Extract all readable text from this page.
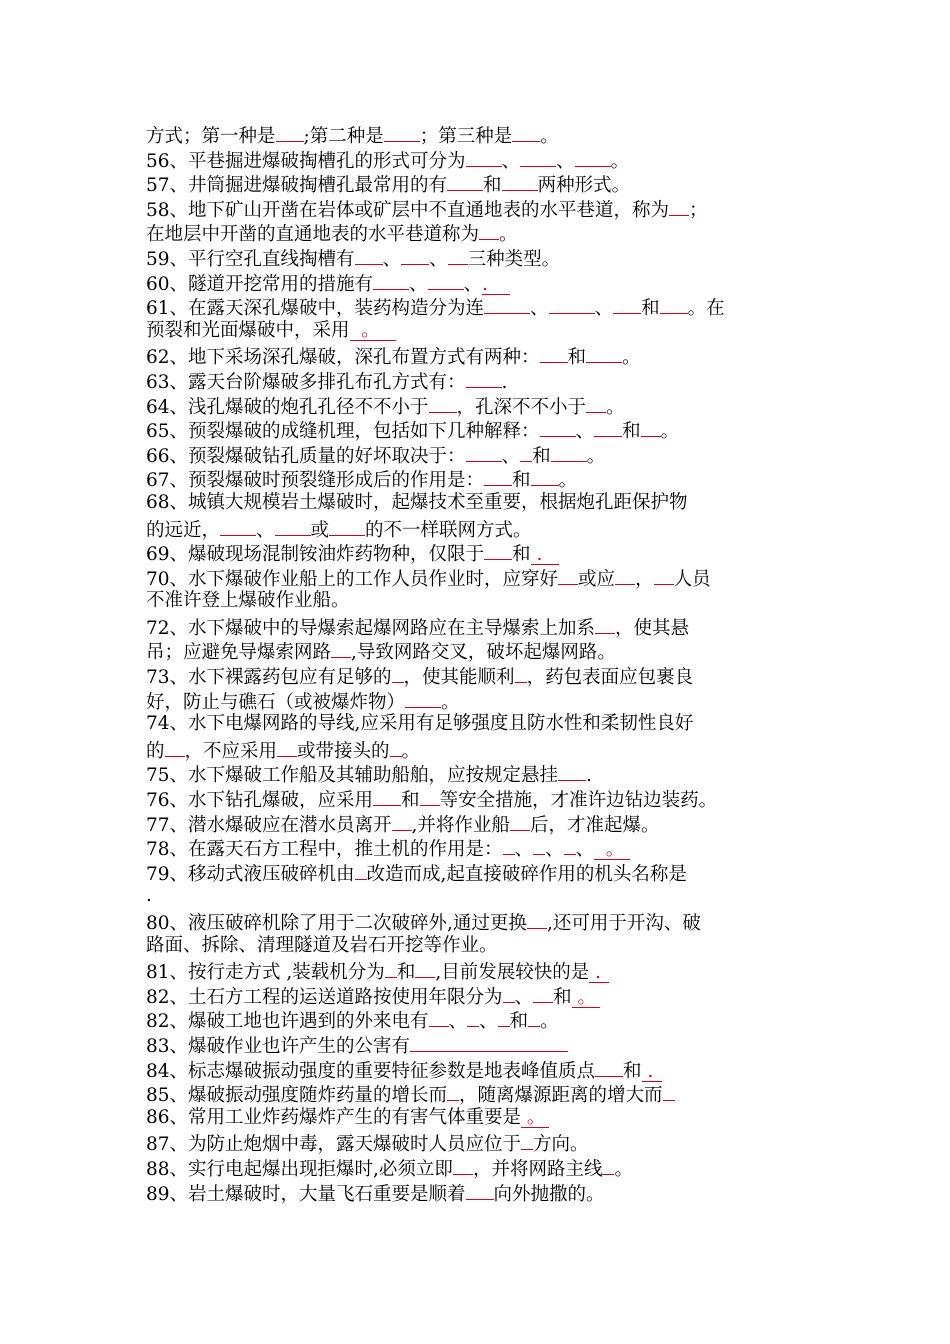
方式；第一种是 ;第二种是 ；第三种是 。
56、平巷掘进爆破掏槽孔的形式可分为 、 、 。
57、井筒掘进爆破掏槽孔最常用的有 和 两种形式。
58、地下矿山开凿在岩体或矿层中不直通地表的水平巷道，称为 ；
在地层中开凿的直通地表的水平巷道称为 。
59、平行空孔直线掏槽有 、 、 三种类型。
60、隧道开挖常用的措施有 、 、.
61、在露天深孔爆破中，装药构造分为连 、 、 和 。在
预裂和光面爆破中，采用  。
62、地下采场深孔爆破，深孔布置方式有两种： 和 。
63、露天台阶爆破多排孔布孔方式有： .
64、浅孔爆破的炮孔孔径不不小于 ，孔深不不小于 。
65、预裂爆破的成缝机理，包括如下几种解释： 、 和 。
66、预裂爆破钻孔质量的好坏取决于： 、 和 。
67、预裂爆破时预裂缝形成后的作用是： 和 。
68、城镇大规模岩土爆破时，起爆技术至重要，根据炮孔距保护物
的远近， 、 或 的不一样联网方式。
69、爆破现场混制铵油炸药物种，仅限于 和 .
70、水下爆破作业船上的工作人员作业时，应穿好 或应 ， 人员
不准许登上爆破作业船。
72、水下爆破中的导爆索起爆网路应在主导爆索上加系 ，使其悬
吊；应避免导爆索网路 ,导致网路交叉，破坏起爆网路。
73、水下裸露药包应有足够的 ，使其能顺利 ，药包表面应包裹良
好，防止与礁石（或被爆炸物） 。
74、水下电爆网路的导线,应采用有足够强度且防水性和柔韧性良好
的 ，不应采用 或带接头的 。
75、水下爆破工作船及其辅助船舶，应按规定悬挂 .
76、水下钻孔爆破，应采用 和 等安全措施，才准许边钻边装药。
77、潜水爆破应在潜水员离开 ,并将作业船 后，才准起爆。
78、在露天石方工程中，推土机的作用是： 、 、 、  。
79、移动式液压破碎机由 改造而成,起直接破碎作用的机头名称是
.
80、液压破碎机除了用于二次破碎外,通过更换 ,还可用于开沟、破
路面、拆除、清理隧道及岩石开挖等作业。
81、按行走方式 ,装载机分为 和 ,目前发展较快的是 .
82、土石方工程的运送道路按使用年限分为 、 和 。
82、爆破工地也许遇到的外来电有 、 、 和 。
83、爆破作业也许产生的公害有
84、标志爆破振动强度的重要特征参数是地表峰值质点 和 .
85、爆破振动强度随炸药量的增长而 ，随离爆源距离的增大而
86、常用工业炸药爆炸产生的有害气体重要是 。
87、为防止炮烟中毒，露天爆破时人员应位于 方向。
88、实行电起爆出现拒爆时,必须立即 ，并将网路主线 。
89、岩土爆破时，大量飞石重要是顺着 向外抛撒的。
